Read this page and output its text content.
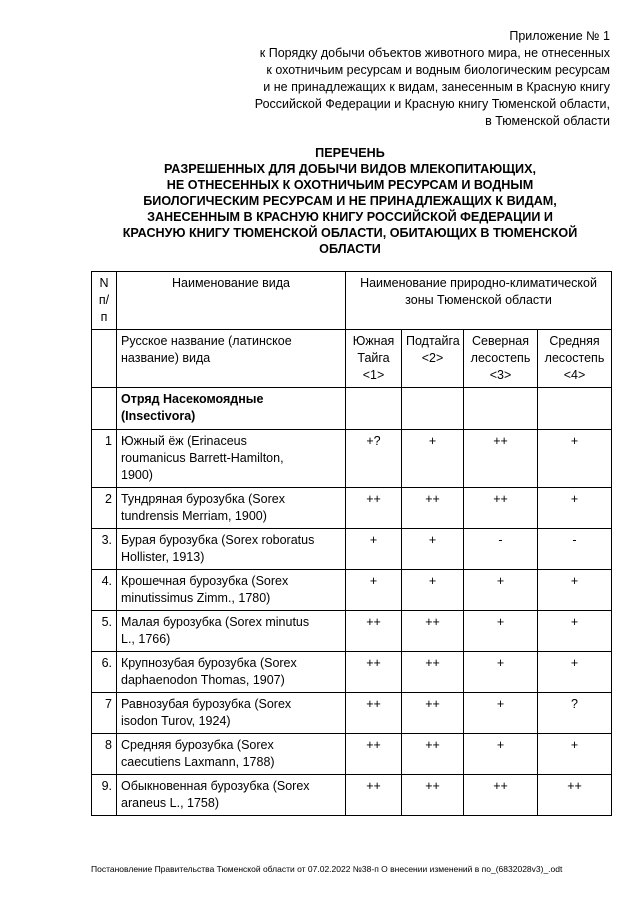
Приложение № 1
к Порядку добычи объектов животного мира, не отнесенных
к охотничьим ресурсам и водным биологическим ресурсам
и не принадлежащих к видам, занесенным в Красную книгу
Российской Федерации и Красную книгу Тюменской области,
в Тюменской области
ПЕРЕЧЕНЬ
РАЗРЕШЕННЫХ ДЛЯ ДОБЫЧИ ВИДОВ МЛЕКОПИТАЮЩИХ,
НЕ ОТНЕСЕННЫХ К ОХОТНИЧЬИМ РЕСУРСАМ И ВОДНЫМ
БИОЛОГИЧЕСКИМ РЕСУРСАМ И НЕ ПРИНАДЛЕЖАЩИХ К ВИДАМ,
ЗАНЕСЕННЫМ В КРАСНУЮ КНИГУ РОССИЙСКОЙ ФЕДЕРАЦИИ И
КРАСНУЮ КНИГУ ТЮМЕНСКОЙ ОБЛАСТИ, ОБИТАЮЩИХ В ТЮМЕНСКОЙ
ОБЛАСТИ
N
п/п	Наименование вида	Наименование природно-климатической
зоны Тюменской области			
	Русское название (латинское
название) вида	Южная
Тайга
<1>	Подтайга
<2>	Северная
лесостепь
<3>	Средняя
лесостепь
<4>
	Отряд Насекомоядные
(Insectivora)				
1	Южный ёж (Erinaceus
roumanicus Barrett-Hamilton,
1900)	+?	+	++	+
2	Тундряная бурозубка (Sorex
tundrensis Merriam, 1900)	++	++	++	+
3.	Бурая бурозубка (Sorex roboratus
Hollister, 1913)	+	+	-	-
4.	Крошечная бурозубка (Sorex
minutissimus Zimm., 1780)	+	+	+	+
5.	Малая бурозубка (Sorex minutus
L., 1766)	++	++	+	+
6.	Крупнозубая бурозубка (Sorex
daphaenodon Thomas, 1907)	++	++	+	+
7	Равнозубая бурозубка (Sorex
isodon Turov, 1924)	++	++	+	?
8	Средняя бурозубка (Sorex
caecutiens Laxmann, 1788)	++	++	+	+
9.	Обыкновенная бурозубка (Sorex
araneus L., 1758)	++	++	++	++
Постановление Правительства Тюменской области от 07.02.2022 №38-п О внесении изменений в по_(6832028v3)_.odt
